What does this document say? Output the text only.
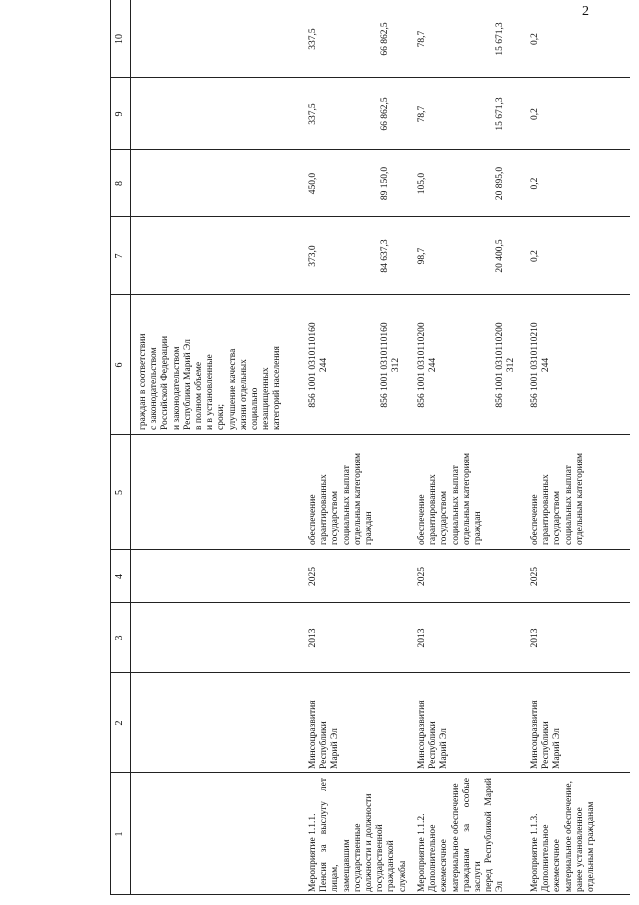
2
1
2
3
4
5
6
7
8
9
10
граждан в соответствии с законодательством Российской Федерации и законодательством Республики Марий Эл в полном объеме и в установленные сроки; улучшение качества жизни отдельных социально незащищенных категорий населения
Мероприятие 1.1.1. Пенсия за выслугу лет лицам, замещавшим государственные должности и должности государственной гражданской службы
Минсоцразвития Республики Марий Эл
2013
2025
обеспечение гарантированных государством социальных выплат отдельным категориям граждан
856 1001 0310110160 244
373,0
450,0
337,5
337,5
856 1001 0310110160 312
84 637,3
89 150,0
66 862,5
66 862,5
Мероприятие 1.1.2. Дополнительное ежемесячное материальное обеспечение гражданам за особые заслуги перед Республикой Марий Эл
Минсоцразвития Республики Марий Эл
2013
2025
обеспечение гарантированных государством социальных выплат отдельным категориям граждан
856 1001 0310110200 244
98,7
105,0
78,7
78,7
856 1001 0310110200 312
20 400,5
20 895,0
15 671,3
15 671,3
Мероприятие 1.1.3. Дополнительное ежемесячное материальное обеспечение, ранее установленное отдельным гражданам
Минсоцразвития Республики Марий Эл
2013
2025
обеспечение гарантированных государством социальных выплат отдельным категориям
856 1001 0310110210 244
0,2
0,2
0,2
0,2
